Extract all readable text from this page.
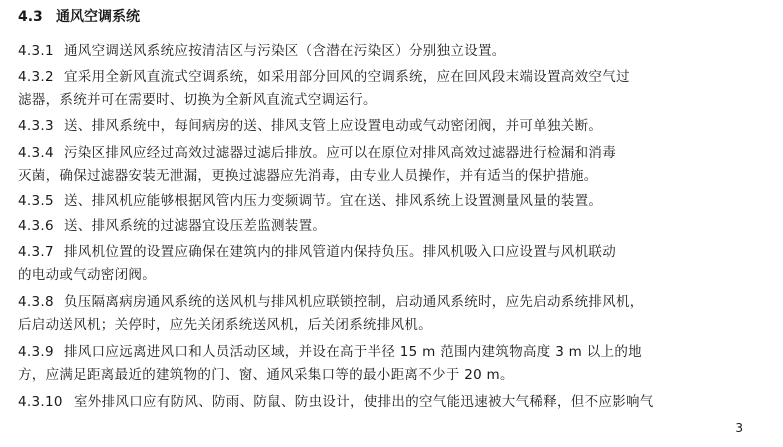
4.3 通风空调系统
4.3.1 通风空调送风系统应按清洁区与污染区（含潜在污染区）分别独立设置。
4.3.2 宜采用全新风直流式空调系统，如采用部分回风的空调系统，应在回风段末端设置高效空气过
滤器，系统并可在需要时、切换为全新风直流式空调运行。
4.3.3 送、排风系统中，每间病房的送、排风支管上应设置电动或气动密闭阀，并可单独关断。
4.3.4 污染区排风应经过高效过滤器过滤后排放。应可以在原位对排风高效过滤器进行检漏和消毒
灭菌，确保过滤器安装无泄漏，更换过滤器应先消毒，由专业人员操作，并有适当的保护措施。
4.3.5 送、排风机应能够根据风管内压力变频调节。宜在送、排风系统上设置测量风量的装置。
4.3.6 送、排风系统的过滤器宜设压差监测装置。
4.3.7 排风机位置的设置应确保在建筑内的排风管道内保持负压。排风机吸入口应设置与风机联动
的电动或气动密闭阀。
4.3.8 负压隔离病房通风系统的送风机与排风机应联锁控制，启动通风系统时，应先启动系统排风机，
后启动送风机；关停时，应先关闭系统送风机，后关闭系统排风机。
4.3.9 排风口应远离进风口和人员活动区域，并设在高于半径 15 m 范围内建筑物高度 3 m 以上的地
方，应满足距离最近的建筑物的门、窗、通风采集口等的最小距离不少于 20 m。
4.3.10 室外排风口应有防风、防雨、防鼠、防虫设计，使排出的空气能迅速被大气稀释，但不应影响气
3
